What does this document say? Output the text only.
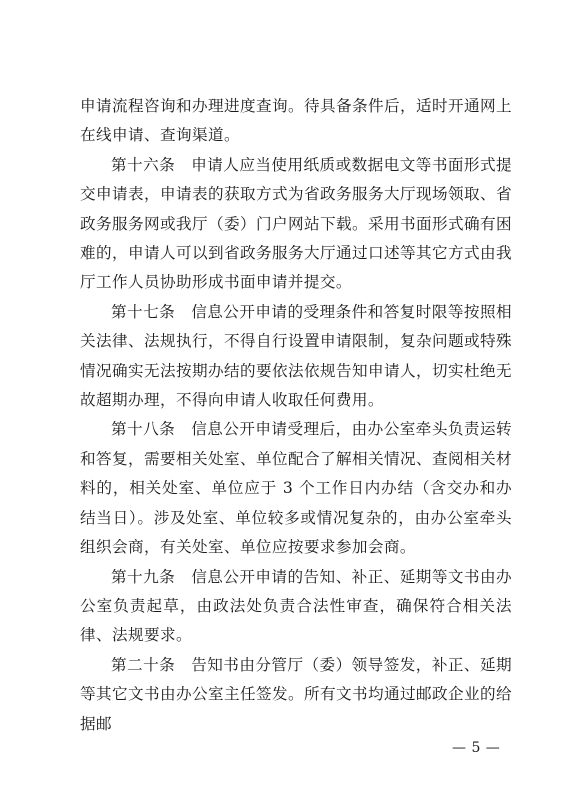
申请流程咨询和办理进度查询。待具备条件后，适时开通网上在线申请、查询渠道。

第十六条　申请人应当使用纸质或数据电文等书面形式提交申请表，申请表的获取方式为省政务服务大厅现场领取、省政务服务网或我厅（委）门户网站下载。采用书面形式确有困难的，申请人可以到省政务服务大厅通过口述等其它方式由我厅工作人员协助形成书面申请并提交。

第十七条　信息公开申请的受理条件和答复时限等按照相关法律、法规执行，不得自行设置申请限制，复杂问题或特殊情况确实无法按期办结的要依法依规告知申请人，切实杜绝无故超期办理，不得向申请人收取任何费用。

第十八条　信息公开申请受理后，由办公室牵头负责运转和答复，需要相关处室、单位配合了解相关情况、查阅相关材料的，相关处室、单位应于 3 个工作日内办结（含交办和办结当日）。涉及处室、单位较多或情况复杂的，由办公室牵头组织会商，有关处室、单位应按要求参加会商。

第十九条　信息公开申请的告知、补正、延期等文书由办公室负责起草，由政法处负责合法性审查，确保符合相关法律、法规要求。

第二十条　告知书由分管厅（委）领导签发，补正、延期等其它文书由办公室主任签发。所有文书均通过邮政企业的给据邮

— 5 —
